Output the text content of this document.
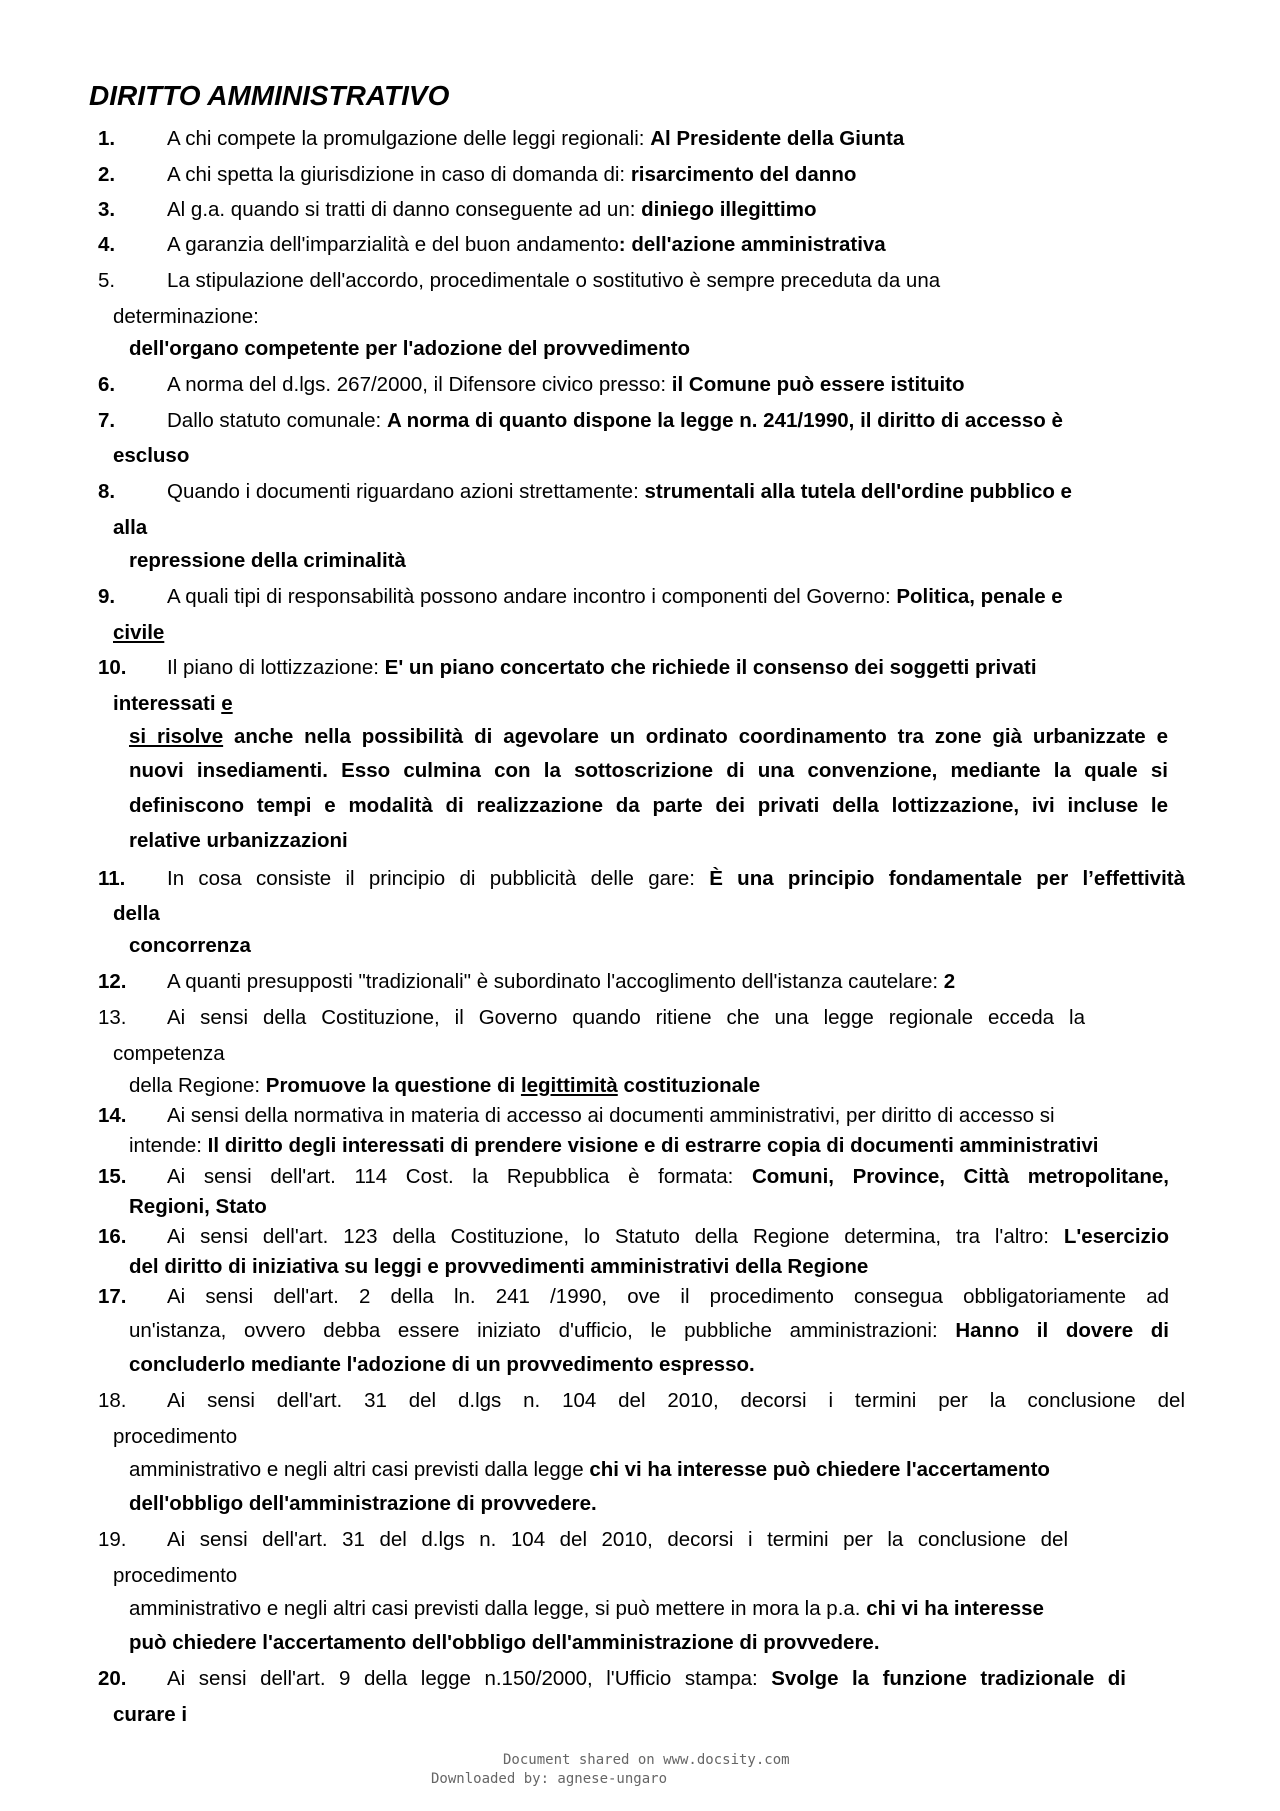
DIRITTO AMMINISTRATIVO
1.	A chi compete la promulgazione delle leggi regionali: Al Presidente della Giunta
2.	A chi spetta la giurisdizione in caso di domanda di: risarcimento del danno
3.	Al g.a. quando si tratti di danno conseguente ad un: diniego illegittimo
4.	A garanzia dell'imparzialità e del buon andamento: dell'azione amministrativa
5.	La stipulazione dell'accordo, procedimentale o sostitutivo è sempre preceduta da una
determinazione:
dell'organo competente per l'adozione del provvedimento
6.	A norma del d.lgs. 267/2000, il Difensore civico presso: il Comune può essere istituito
7.	Dallo statuto comunale: A norma di quanto dispone la legge n. 241/1990, il diritto di accesso è
escluso
8.	Quando i documenti riguardano azioni strettamente: strumentali alla tutela dell'ordine pubblico e
alla
repressione della criminalità
9.	A quali tipi di responsabilità possono andare incontro i componenti del Governo: Politica, penale e
civile
10. Il piano di lottizzazione: E' un piano concertato che richiede il consenso dei soggetti privati
interessati e
si risolve anche nella possibilità di agevolare un ordinato coordinamento tra zone già urbanizzate e
nuovi insediamenti. Esso culmina con la sottoscrizione di una convenzione, mediante la quale si
definiscono tempi e modalità di realizzazione da parte dei privati della lottizzazione, ivi incluse le
relative urbanizzazioni
11. In cosa consiste il principio di pubblicità delle gare: È una principio fondamentale per l’effettività
della
concorrenza
12. A quanti presupposti "tradizionali" è subordinato l'accoglimento dell'istanza cautelare: 2
13. Ai sensi della Costituzione, il Governo quando ritiene che una legge regionale ecceda la
competenza
della Regione: Promuove la questione di legittimità costituzionale
14. Ai sensi della normativa in materia di accesso ai documenti amministrativi, per diritto di accesso si
intende: Il diritto degli interessati di prendere visione e di estrarre copia di documenti amministrativi
15. Ai sensi dell'art. 114 Cost. la Repubblica è formata: Comuni, Province, Città metropolitane,
Regioni, Stato
16. Ai sensi dell'art. 123 della Costituzione, lo Statuto della Regione determina, tra l'altro: L'esercizio
del diritto di iniziativa su leggi e provvedimenti amministrativi della Regione
17. Ai sensi dell'art. 2 della ln. 241 /1990, ove il procedimento consegua obbligatoriamente ad
un'istanza, ovvero debba essere iniziato d'ufficio, le pubbliche amministrazioni: Hanno il dovere di
concluderlo mediante l'adozione di un provvedimento espresso.
18. Ai sensi dell'art. 31 del d.lgs n. 104 del 2010, decorsi i termini per la conclusione del
procedimento
amministrativo e negli altri casi previsti dalla legge chi vi ha interesse può chiedere l'accertamento
dell'obbligo dell'amministrazione di provvedere.
19. Ai sensi dell'art. 31 del d.lgs n. 104 del 2010, decorsi i termini per la conclusione del
procedimento
amministrativo e negli altri casi previsti dalla legge, si può mettere in mora la p.a. chi vi ha interesse
può chiedere l'accertamento dell'obbligo dell'amministrazione di provvedere.
20. Ai sensi dell'art. 9 della legge n.150/2000, l'Ufficio stampa: Svolge la funzione tradizionale di
curare i
Document shared on www.docsity.com
Downloaded by: agnese-ungaro
